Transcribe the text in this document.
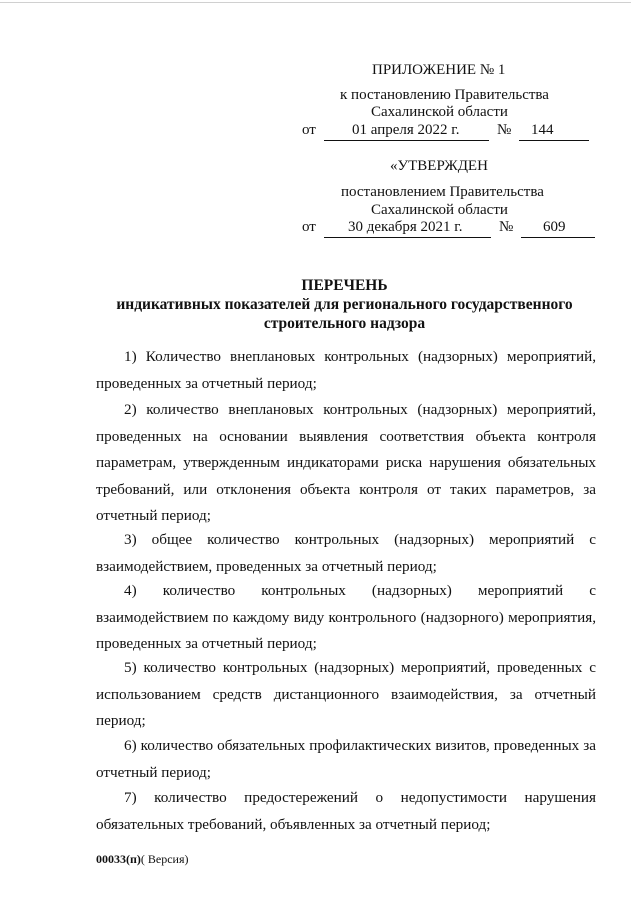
ПРИЛОЖЕНИЕ № 1
к постановлению Правительства
Сахалинской области
от 01 апреля 2022 г.	№ 144
«УТВЕРЖДЕН
постановлением Правительства
Сахалинской области
от 30 декабря 2021 г. № 609
ПЕРЕЧЕНЬ
индикативных показателей для регионального государственного
строительного надзора
1) Количество внеплановых контрольных (надзорных) мероприятий, проведенных за отчетный период;
2) количество внеплановых контрольных (надзорных) мероприятий, проведенных на основании выявления соответствия объекта контроля параметрам, утвержденным индикаторами риска нарушения обязательных требований, или отклонения объекта контроля от таких параметров, за отчетный период;
3) общее количество контрольных (надзорных) мероприятий с взаимодействием, проведенных за отчетный период;
4) количество контрольных (надзорных) мероприятий с взаимодействием по каждому виду контрольного (надзорного) мероприятия, проведенных за отчетный период;
5) количество контрольных (надзорных) мероприятий, проведенных с использованием средств дистанционного взаимодействия, за отчетный период;
6) количество обязательных профилактических визитов, проведенных за отчетный период;
7) количество предостережений о недопустимости нарушения обязательных требований, объявленных за отчетный период;
00033(п)( Версия)
